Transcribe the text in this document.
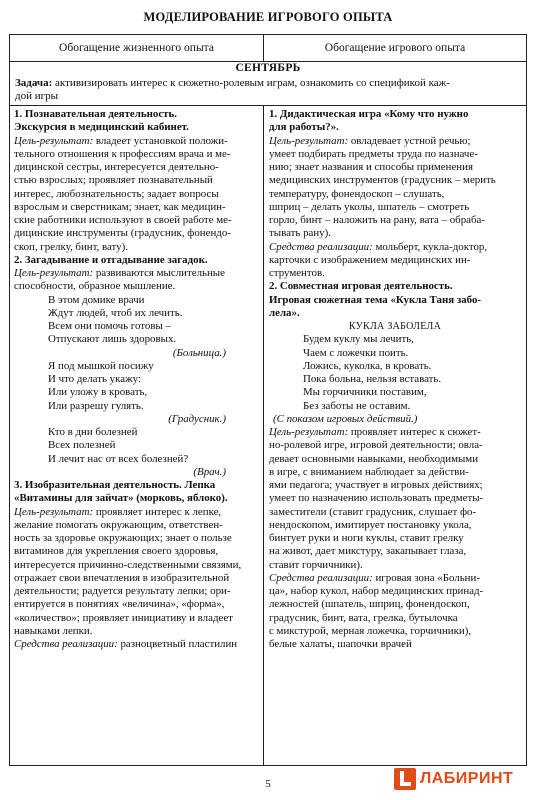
МОДЕЛИРОВАНИЕ ИГРОВОГО ОПЫТА
Обогащение жизненного опыта	Обогащение игрового опыта
СЕНТЯБРЬ
Задача: активизировать интерес к сюжетно-ролевым играм, ознакомить со спецификой каж-
дой игры
1. Познавательная деятельность.
Экскурсия в медицинский кабинет.
Цель-результат: владеет установкой положи-
тельного отношения к профессиям врача и ме-
дицинской сестры, интересуется деятельно-
стью взрослых; проявляет познавательный
интерес, любознательность; задает вопросы
взрослым и сверстникам; знает, как медицин-
ские работники используют в своей работе ме-
дицинские инструменты (градусник, фонендо-
скоп, грелку, бинт, вату).
2. Загадывание и отгадывание загадок.
Цель-результат: развиваются мыслительные
способности, образное мышление.
В этом домике врачи
Ждут людей, чтоб их лечить.
Всем они помочь готовы –
Отпускают лишь здоровых.
(Больница.)
Я под мышкой посижу
И что делать укажу:
Или уложу в кровать,
Или разрешу гулять.
(Градусник.)
Кто в дни болезней
Всех полезней
И лечит нас от всех болезней?
(Врач.)
3. Изобразительная деятельность. Лепка
«Витамины для зайчат» (морковь, яблоко).
Цель-результат: проявляет интерес к лепке,
желание помогать окружающим, ответствен-
ность за здоровье окружающих; знает о пользе
витаминов для укрепления своего здоровья,
интересуется причинно-следственными связями,
отражает свои впечатления в изобразительной
деятельности; радуется результату лепки; ори-
ентируется в понятиях «величина», «форма»,
«количество»; проявляет инициативу и владеет
навыками лепки.
Средства реализации: разноцветный пластилин
1. Дидактическая игра «Кому что нужно
для работы?».
Цель-результат: овладевает устной речью;
умеет подбирать предметы труда по назначе-
нию; знает названия и способы применения
медицинских инструментов (градусник – мерить
температуру, фонендоскоп – слушать,
шприц – делать уколы, шпатель – смотреть
горло, бинт – наложить на рану, вата – обраба-
тывать рану).
Средства реализации: мольберт, кукла-доктор,
карточки с изображением медицинских ин-
струментов.
2. Совместная игровая деятельность.
Игровая сюжетная тема «Кукла Таня забо-
лела».
КУКЛА ЗАБОЛЕЛА
Будем куклу мы лечить,
Чаем с ложечки поить.
Ложись, куколка, в кровать.
Пока больна, нельзя вставать.
Мы горчичники поставим,
Без заботы не оставим.
(С показом игровых действий.)
Цель-результат: проявляет интерес к сюжет-
но-ролевой игре, игровой деятельности; овла-
девает основными навыками, необходимыми
в игре, с вниманием наблюдает за действи-
ями педагога; участвует в игровых действиях;
умеет по назначению использовать предметы-
заместители (ставит градусник, слушает фо-
нендоскопом, имитирует постановку укола,
бинтует руки и ноги куклы, ставит грелку
на живот, дает микстуру, закапывает глаза,
ставит горчичники).
Средства реализации: игровая зона «Больни-
ца», набор кукол, набор медицинских принад-
лежностей (шпатель, шприц, фонендоскоп,
градусник, бинт, вата, грелка, бутылочка
с микстурой, мерная ложечка, горчичники),
белые халаты, шапочки врачей
ЛАБИРИНТ
5
